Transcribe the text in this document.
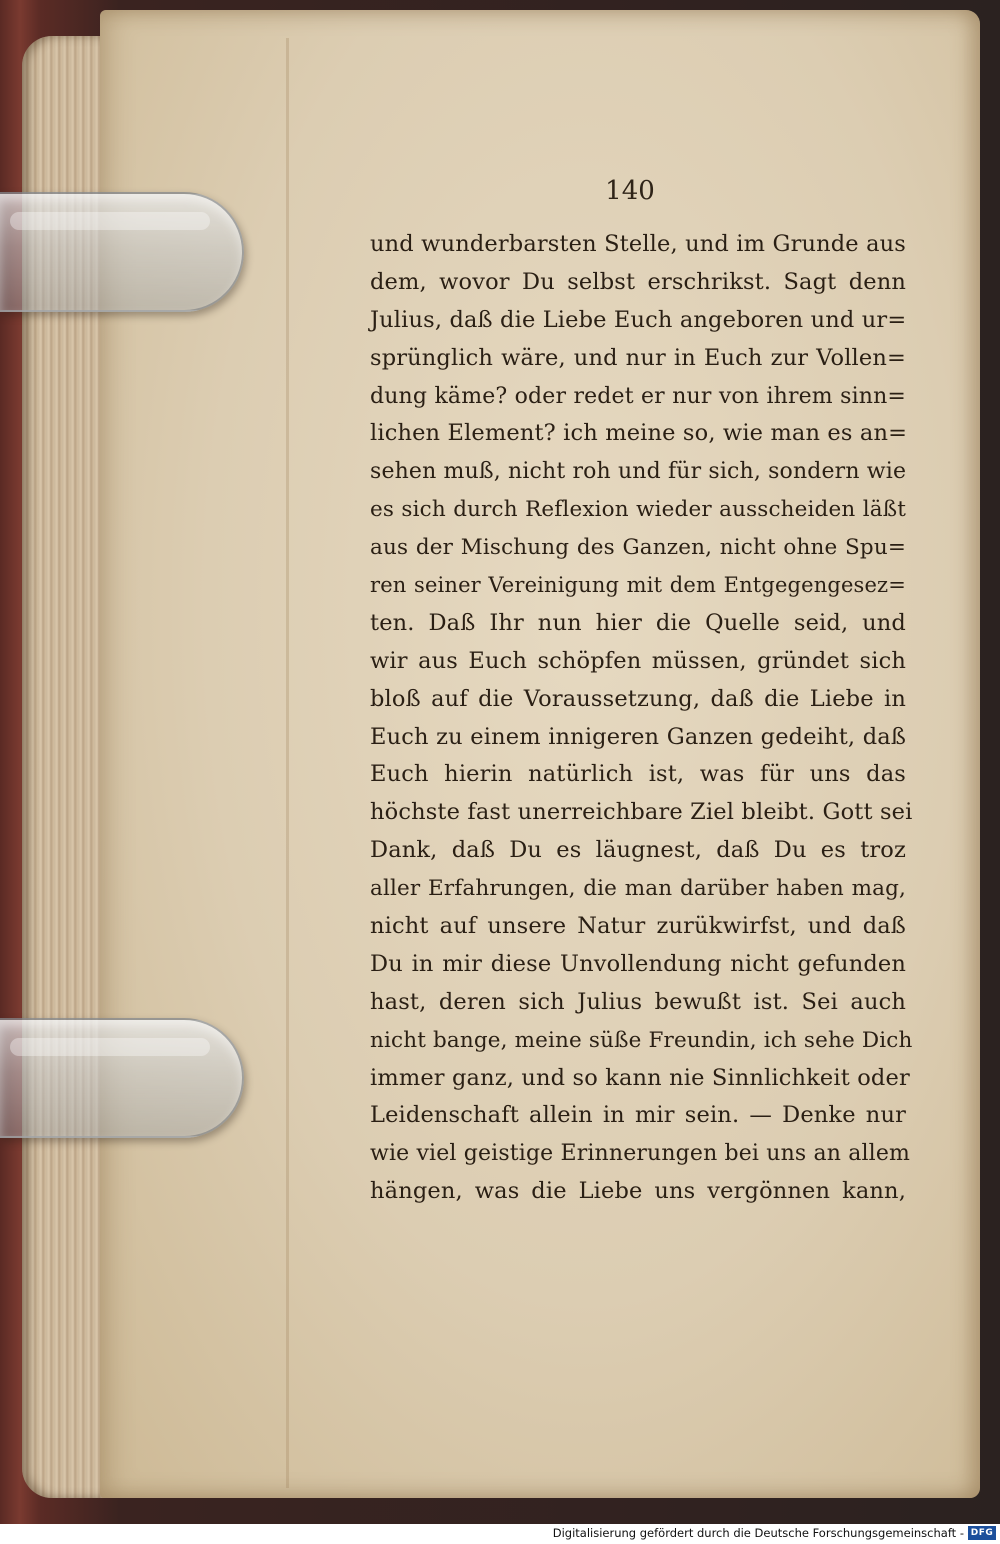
140
und wunderbarsten Stelle, und im Grunde aus
dem, wovor Du selbst erschrikst. Sagt denn
Julius, daß die Liebe Euch angeboren und ur=
sprünglich wäre, und nur in Euch zur Vollen=
dung käme? oder redet er nur von ihrem sinn=
lichen Element? ich meine so, wie man es an=
sehen muß, nicht roh und für sich, sondern wie
es sich durch Reflexion wieder ausscheiden läßt
aus der Mischung des Ganzen, nicht ohne Spu=
ren seiner Vereinigung mit dem Entgegengesez=
ten. Daß Ihr nun hier die Quelle seid, und
wir aus Euch schöpfen müssen, gründet sich
bloß auf die Voraussetzung, daß die Liebe in
Euch zu einem innigeren Ganzen gedeiht, daß
Euch hierin natürlich ist, was für uns das
höchste fast unerreichbare Ziel bleibt. Gott sei
Dank, daß Du es läugnest, daß Du es troz
aller Erfahrungen, die man darüber haben mag,
nicht auf unsere Natur zurükwirfst, und daß
Du in mir diese Unvollendung nicht gefunden
hast, deren sich Julius bewußt ist. Sei auch
nicht bange, meine süße Freundin, ich sehe Dich
immer ganz, und so kann nie Sinnlichkeit oder
Leidenschaft allein in mir sein. — Denke nur
wie viel geistige Erinnerungen bei uns an allem
hängen, was die Liebe uns vergönnen kann,
Digitalisierung gefördert durch die Deutsche Forschungsgemeinschaft - DFG
